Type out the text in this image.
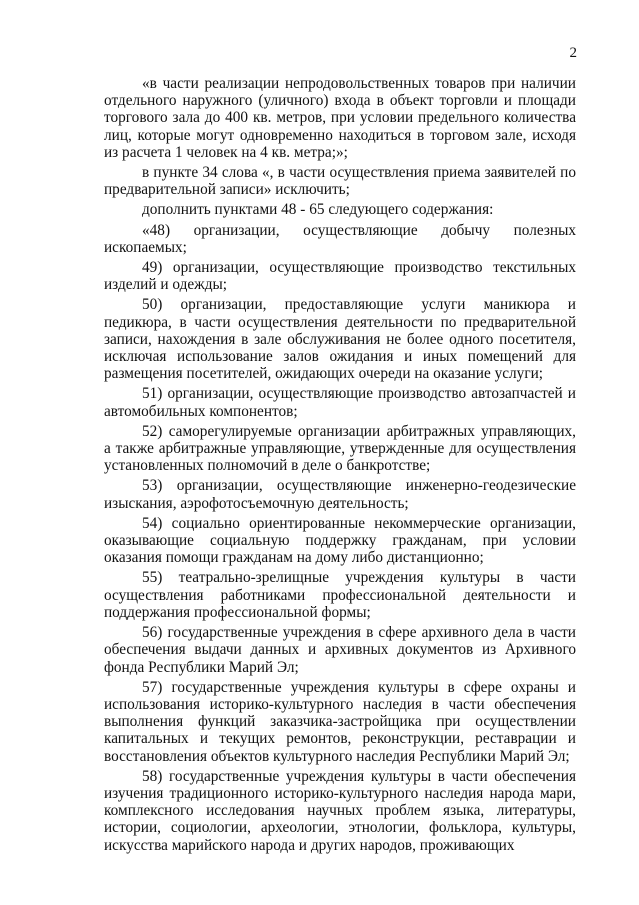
2

«в части реализации непродовольственных товаров при наличии отдельного наружного (уличного) входа в объект торговли и площади торгового зала до 400 кв. метров, при условии предельного количества лиц, которые могут одновременно находиться в торговом зале, исходя из расчета 1 человек на 4 кв. метра;»;

в пункте 34 слова «, в части осуществления приема заявителей по предварительной записи» исключить;

дополнить пунктами 48 - 65 следующего содержания:

«48) организации, осуществляющие добычу полезных ископаемых;

49) организации, осуществляющие производство текстильных изделий и одежды;

50) организации, предоставляющие услуги маникюра и педикюра, в части осуществления деятельности по предварительной записи, нахождения в зале обслуживания не более одного посетителя, исключая использование залов ожидания и иных помещений для размещения посетителей, ожидающих очереди на оказание услуги;

51) организации, осуществляющие производство автозапчастей и автомобильных компонентов;

52) саморегулируемые организации арбитражных управляющих, а также арбитражные управляющие, утвержденные для осуществления установленных полномочий в деле о банкротстве;

53) организации, осуществляющие инженерно-геодезические изыскания, аэрофотосъемочную деятельность;

54) социально ориентированные некоммерческие организации, оказывающие социальную поддержку гражданам, при условии оказания помощи гражданам на дому либо дистанционно;

55) театрально-зрелищные учреждения культуры в части осуществления работниками профессиональной деятельности и поддержания профессиональной формы;

56) государственные учреждения в сфере архивного дела в части обеспечения выдачи данных и архивных документов из Архивного фонда Республики Марий Эл;

57) государственные учреждения культуры в сфере охраны и использования историко-культурного наследия в части обеспечения выполнения функций заказчика-застройщика при осуществлении капитальных и текущих ремонтов, реконструкции, реставрации и восстановления объектов культурного наследия Республики Марий Эл;

58) государственные учреждения культуры в части обеспечения изучения традиционного историко-культурного наследия народа мари, комплексного исследования научных проблем языка, литературы, истории, социологии, археологии, этнологии, фольклора, культуры, искусства марийского народа и других народов, проживающих
